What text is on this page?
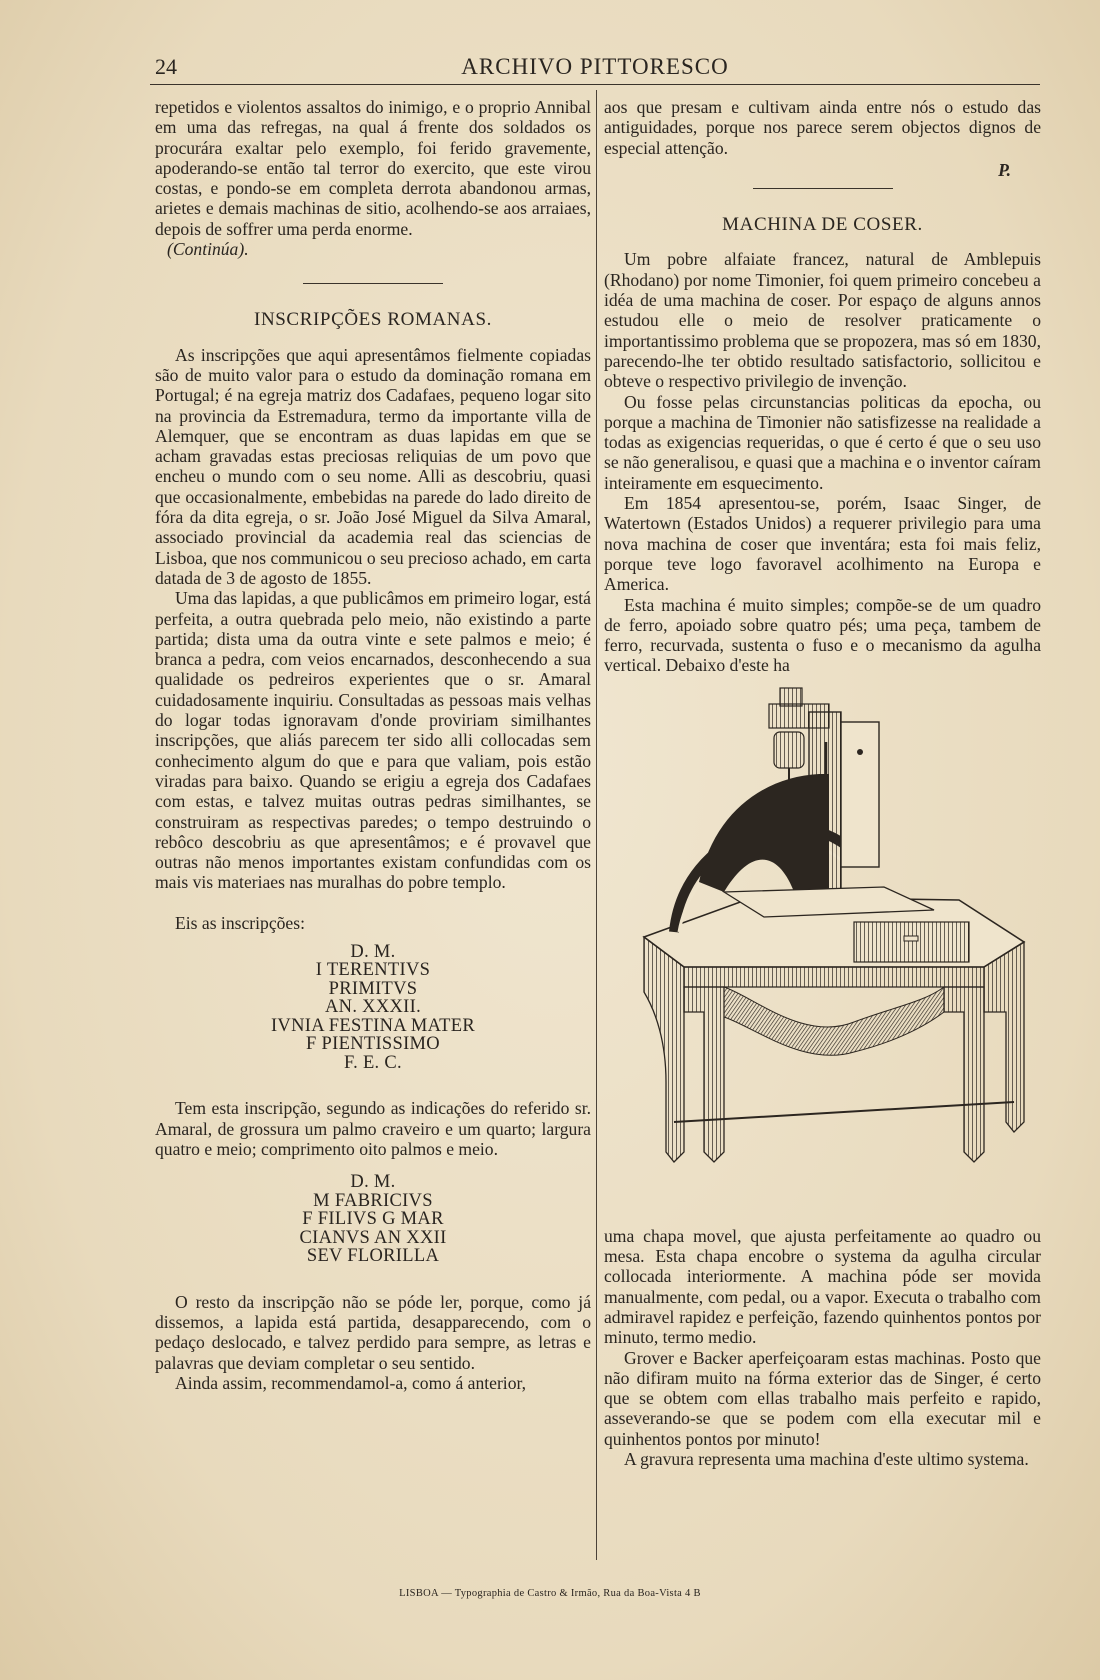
24	ARCHIVO PITTORESCO

repetidos e violentos assaltos do inimigo, e o proprio Annibal em uma das refregas, na qual á frente dos soldados os procurára exaltar pelo exemplo, foi ferido gravemente, apoderando-se então tal terror do exercito, que este virou costas, e pondo-se em completa derrota abandonou armas, arietes e demais machinas de sitio, acolhendo-se aos arraiaes, depois de soffrer uma perda enorme.

(Continúa).

INSCRIPÇÕES ROMANAS.

As inscripções que aqui apresentâmos fielmente copiadas são de muito valor para o estudo da dominação romana em Portugal; é na egreja matriz dos Cadafaes, pequeno logar sito na provincia da Estremadura, termo da importante villa de Alemquer, que se encontram as duas lapidas em que se acham gravadas estas preciosas reliquias de um povo que encheu o mundo com o seu nome. Alli as descobriu, quasi que occasionalmente, embebidas na parede do lado direito de fóra da dita egreja, o sr. João José Miguel da Silva Amaral, associado provincial da academia real das sciencias de Lisboa, que nos communicou o seu precioso achado, em carta datada de 3 de agosto de 1855.

Uma das lapidas, a que publicâmos em primeiro logar, está perfeita, a outra quebrada pelo meio, não existindo a parte partida; dista uma da outra vinte e sete palmos e meio; é branca a pedra, com veios encarnados, desconhecendo a sua qualidade os pedreiros experientes que o sr. Amaral cuidadosamente inquiriu. Consultadas as pessoas mais velhas do logar todas ignoravam d'onde proviriam similhantes inscripções, que aliás parecem ter sido alli collocadas sem conhecimento algum do que e para que valiam, pois estão viradas para baixo. Quando se erigiu a egreja dos Cadafaes com estas, e talvez muitas outras pedras similhantes, se construiram as respectivas paredes; o tempo destruindo o rebôco descobriu as que apresentâmos; e é provavel que outras não menos importantes existam confundidas com os mais vis materiaes nas muralhas do pobre templo.

Eis as inscripções:

D. M.
I TERENTIVS
PRIMITVS
AN. XXXII.
IVNIA FESTINA MATER
F PIENTISSIMO
F. E. C.

Tem esta inscripção, segundo as indicações do referido sr. Amaral, de grossura um palmo craveiro e um quarto; largura quatro e meio; comprimento oito palmos e meio.

D. M.
M FABRICIVS
F FILIVS G MAR
CIANVS AN XXII
SEV FLORILLA

O resto da inscripção não se póde ler, porque, como já dissemos, a lapida está partida, desapparecendo, com o pedaço deslocado, e talvez perdido para sempre, as letras e palavras que deviam completar o seu sentido.

Ainda assim, recommendamol-a, como á anterior,

aos que presam e cultivam ainda entre nós o estudo das antiguidades, porque nos parece serem objectos dignos de especial attenção.

P.

MACHINA DE COSER.

Um pobre alfaiate francez, natural de Amblepuis (Rhodano) por nome Timonier, foi quem primeiro concebeu a idéa de uma machina de coser. Por espaço de alguns annos estudou elle o meio de resolver praticamente o importantissimo problema que se propozera, mas só em 1830, parecendo-lhe ter obtido resultado satisfactorio, sollicitou e obteve o respectivo privilegio de invenção.

Ou fosse pelas circunstancias politicas da epocha, ou porque a machina de Timonier não satisfizesse na realidade a todas as exigencias requeridas, o que é certo é que o seu uso se não generalisou, e quasi que a machina e o inventor caíram inteiramente em esquecimento.

Em 1854 apresentou-se, porém, Isaac Singer, de Watertown (Estados Unidos) a requerer privilegio para uma nova machina de coser que inventára; esta foi mais feliz, porque teve logo favoravel acolhimento na Europa e America.

Esta machina é muito simples; compõe-se de um quadro de ferro, apoiado sobre quatro pés; uma peça, tambem de ferro, recurvada, sustenta o fuso e o mecanismo da agulha vertical. Debaixo d'este ha

uma chapa movel, que ajusta perfeitamente ao quadro ou mesa. Esta chapa encobre o systema da agulha circular collocada interiormente. A machina póde ser movida manualmente, com pedal, ou a vapor. Executa o trabalho com admiravel rapidez e perfeição, fazendo quinhentos pontos por minuto, termo medio.

Grover e Backer aperfeiçoaram estas machinas. Posto que não difiram muito na fórma exterior das de Singer, é certo que se obtem com ellas trabalho mais perfeito e rapido, asseverando-se que se podem com ella executar mil e quinhentos pontos por minuto!

A gravura representa uma machina d'este ultimo systema.

LISBOA — Typographia de Castro & Irmão, Rua da Boa-Vista 4 B
